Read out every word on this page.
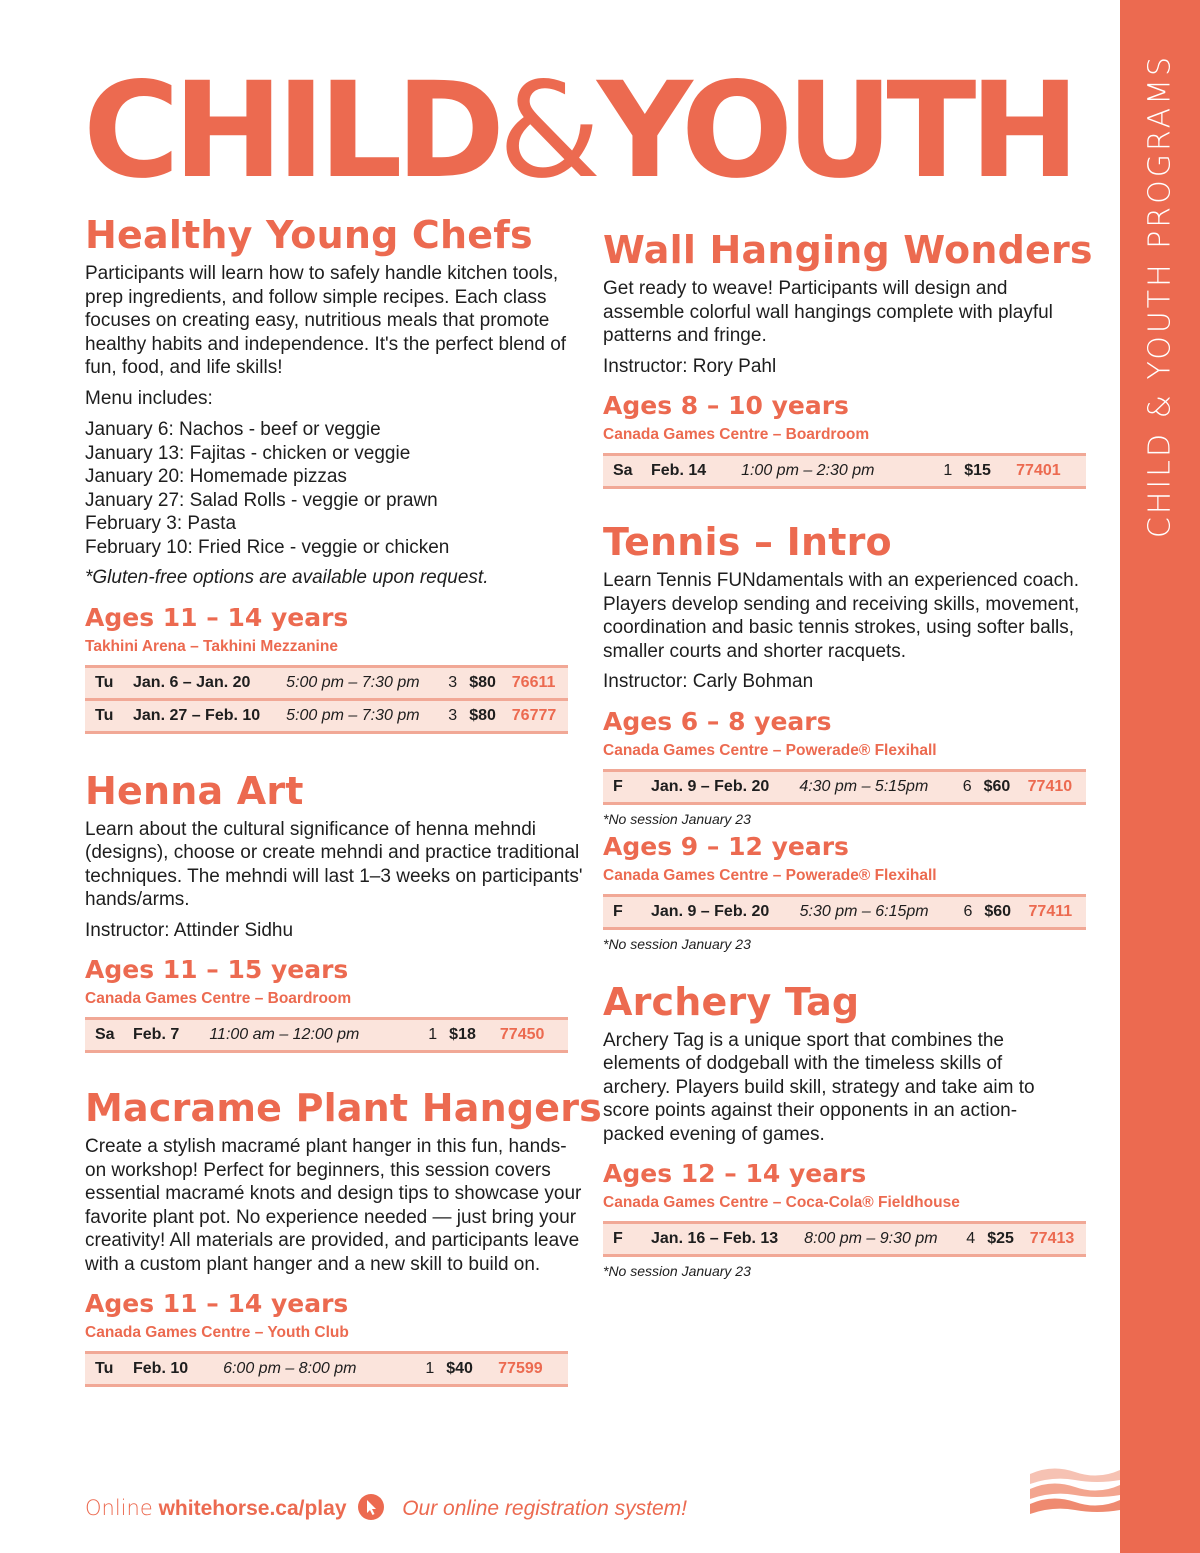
CHILD & YOUTH PROGRAMS
3
CHILD&YOUTH
Healthy Young Chefs

Participants will learn how to safely handle kitchen tools, prep ingredients, and follow simple recipes. Each class focuses on creating easy, nutritious meals that promote healthy habits and independence. It's the perfect blend of fun, food, and life skills!

Menu includes:

January 6: Nachos - beef or veggie
January 13: Fajitas - chicken or veggie
January 20: Homemade pizzas
January 27: Salad Rolls - veggie or prawn
February 3: Pasta
February 10: Fried Rice - veggie or chicken

*Gluten-free options are available upon request.

Ages 11 – 14 years
Takhini Arena – Takhini Mezzanine
Tu	Jan. 6 – Jan. 20	5:00 pm – 7:30 pm	3	$80	76611
Tu	Jan. 27 – Feb. 10	5:00 pm – 7:30 pm	3	$80	76777
Henna Art

Learn about the cultural significance of henna mehndi (designs), choose or create mehndi and practice traditional techniques. The mehndi will last 1–3 weeks on participants' hands/arms.

Instructor: Attinder Sidhu

Ages 11 – 15 years
Canada Games Centre – Boardroom
Sa	Feb. 7	11:00 am – 12:00 pm	1	$18	77450
Macrame Plant Hangers

Create a stylish macramé plant hanger in this fun, hands-on workshop! Perfect for beginners, this session covers essential macramé knots and design tips to showcase your favorite plant pot. No experience needed — just bring your creativity! All materials are provided, and participants leave with a custom plant hanger and a new skill to build on.

Ages 11 – 14 years
Canada Games Centre – Youth Club
Tu	Feb. 10	6:00 pm – 8:00 pm	1	$40	77599
Wall Hanging Wonders

Get ready to weave! Participants will design and assemble colorful wall hangings complete with playful patterns and fringe.

Instructor: Rory Pahl

Ages 8 – 10 years
Canada Games Centre – Boardroom
Sa	Feb. 14	1:00 pm – 2:30 pm	1	$15	77401
Tennis – Intro

Learn Tennis FUNdamentals with an experienced coach. Players develop sending and receiving skills, movement, coordination and basic tennis strokes, using softer balls, smaller courts and shorter racquets.

Instructor: Carly Bohman

Ages 6 – 8 years
Canada Games Centre – Powerade® Flexihall
F	Jan. 9 – Feb. 20	4:30 pm – 5:15pm	6	$60	77410
*No session January 23
Ages 9 – 12 years
Canada Games Centre – Powerade® Flexihall
F	Jan. 9 – Feb. 20	5:30 pm – 6:15pm	6	$60	77411
*No session January 23
Archery Tag

Archery Tag is a unique sport that combines the elements of dodgeball with the timeless skills of archery. Players build skill, strategy and take aim to score points against their opponents in an action-packed evening of games.

Ages 12 – 14 years
Canada Games Centre – Coca-Cola® Fieldhouse
F	Jan. 16 – Feb. 13	8:00 pm – 9:30 pm	4	$25	77413
*No session January 23
Online whitehorse.ca/play	Our online registration system!
